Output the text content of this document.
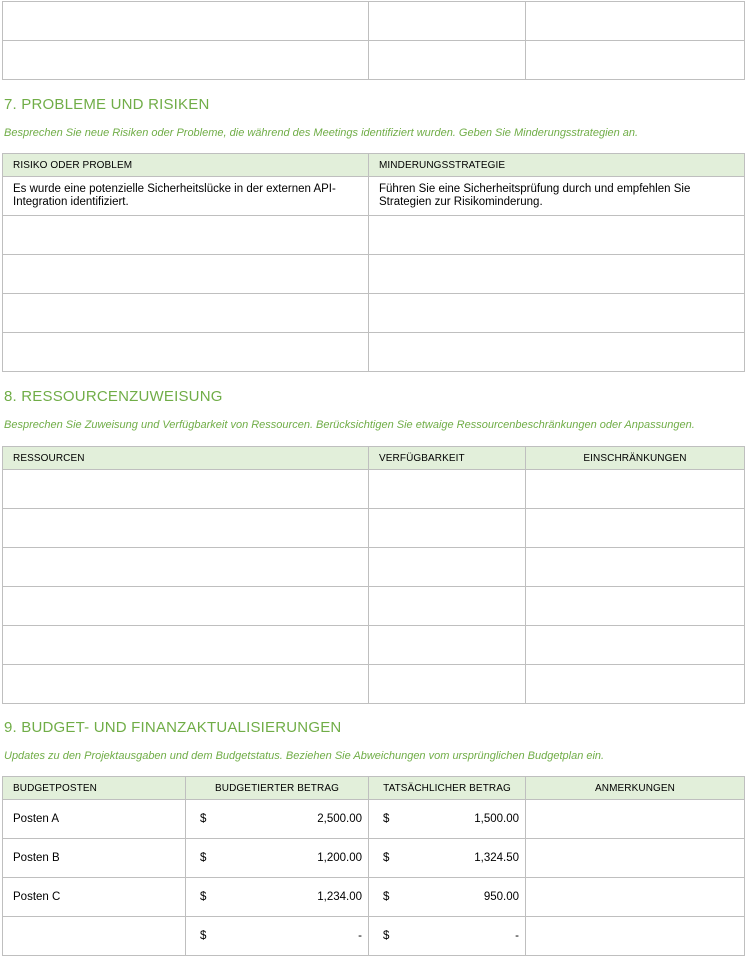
7. PROBLEME UND RISIKEN
Besprechen Sie neue Risiken oder Probleme, die während des Meetings identifiziert wurden. Geben Sie Minderungsstrategien an.
RISIKO ODER PROBLEM	MINDERUNGSSTRATEGIE
Es wurde eine potenzielle Sicherheitslücke in der externen API-Integration identifiziert.	Führen Sie eine Sicherheitsprüfung durch und empfehlen Sie Strategien zur Risikominderung.

8. RESSOURCENZUWEISUNG
Besprechen Sie Zuweisung und Verfügbarkeit von Ressourcen. Berücksichtigen Sie etwaige Ressourcenbeschränkungen oder Anpassungen.
RESSOURCEN	VERFÜGBARKEIT	EINSCHRÄNKUNGEN

9. BUDGET- UND FINANZAKTUALISIERUNGEN
Updates zu den Projektausgaben und dem Budgetstatus. Beziehen Sie Abweichungen vom ursprünglichen Budgetplan ein.
BUDGETPOSTEN	BUDGETIERTER BETRAG	TATSÄCHLICHER BETRAG	ANMERKUNGEN
Posten A	$ 2,500.00	$ 1,500.00	

Posten B	$ 1,200.00	$ 1,324.50	

Posten C	$ 1,234.00	$ 950.00	

	$ -	$ -	
